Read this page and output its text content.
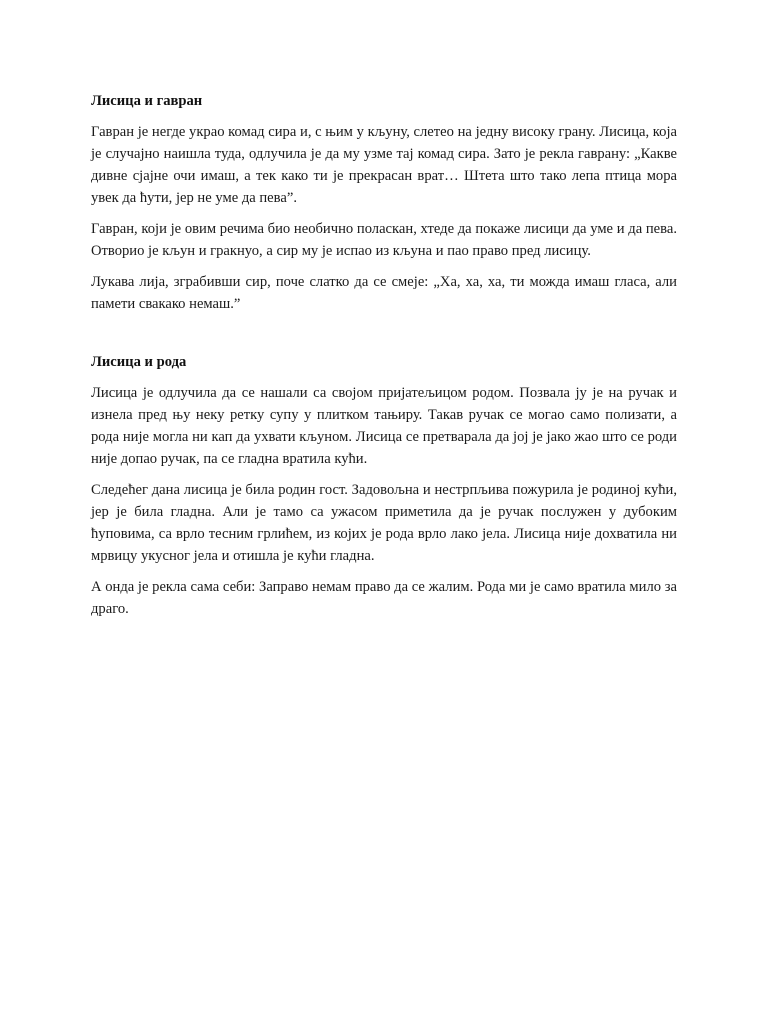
Лисица и гавран

Гавран је негде украо комад сира и, с њим у кљуну, слетео на једну високу грану. Лисица, која је случајно наишла туда, одлучила је да му узме тај комад сира. Зато је рекла гаврану: „Какве дивне сјајне очи имаш, а тек како ти је прекрасан врат… Штета што тако лепа птица мора увек да ћути, јер не уме да пева”.

Гавран, који је овим речима био необично поласкан, хтеде да покаже лисици да уме и да пева. Отворио је кљун и гракнуо, а сир му је испао из кљуна и пао право пред лисицу.

Лукава лија, зграбивши сир, поче слатко да се смеје: „Ха, ха, ха, ти можда имаш гласа, али памети свакако немаш.”

Лисица и рода

Лисица је одлучила да се нашали са својом пријатељицом родом. Позвала ју је на ручак и изнела пред њу неку ретку супу у плитком тањиру. Такав ручак се могао само полизати, а рода није могла ни кап да ухвати кљуном. Лисица се претварала да јој је јако жао што се роди није допао ручак, па се гладна вратила кући.

Следећег дана лисица је била родин гост. Задовољна и нестрпљива пожурила је родиној кући, јер је била гладна. Али је тамо са ужасом приметила да је ручак послужен у дубоким ћуповима, са врло тесним грлићем, из којих је рода врло лако јела. Лисица није дохватила ни мрвицу укусног јела и отишла је кући гладна.

А онда је рекла сама себи: Заправо немам право да се жалим. Рода ми је само вратила мило за драго.
